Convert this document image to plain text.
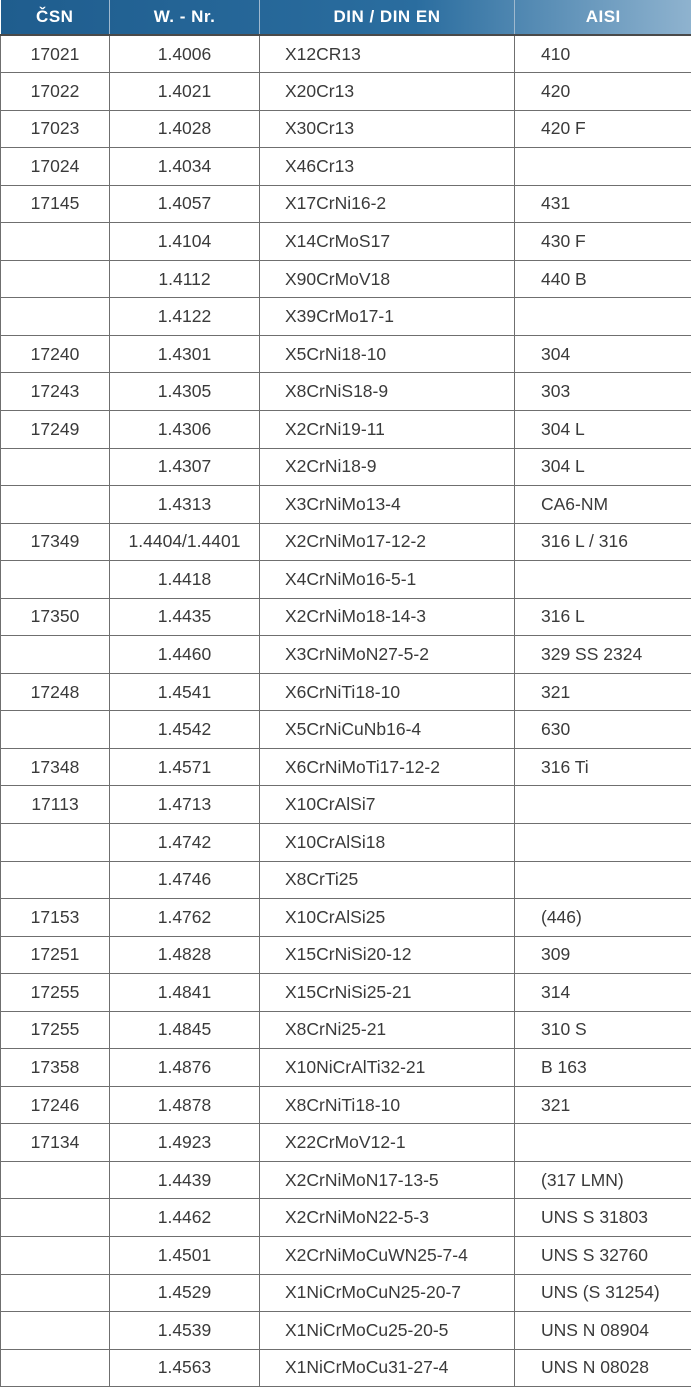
ČSN	W. - Nr.	DIN / DIN EN	AISI
17021	1.4006	X12CR13	410
17022	1.4021	X20Cr13	420
17023	1.4028	X30Cr13	420 F
17024	1.4034	X46Cr13	
17145	1.4057	X17CrNi16-2	431
	1.4104	X14CrMoS17	430 F
	1.4112	X90CrMoV18	440 B
	1.4122	X39CrMo17-1	
17240	1.4301	X5CrNi18-10	304
17243	1.4305	X8CrNiS18-9	303
17249	1.4306	X2CrNi19-11	304 L
	1.4307	X2CrNi18-9	304 L
	1.4313	X3CrNiMo13-4	CA6-NM
17349	1.4404/1.4401	X2CrNiMo17-12-2	316 L / 316
	1.4418	X4CrNiMo16-5-1	
17350	1.4435	X2CrNiMo18-14-3	316 L
	1.4460	X3CrNiMoN27-5-2	329 SS 2324
17248	1.4541	X6CrNiTi18-10	321
	1.4542	X5CrNiCuNb16-4	630
17348	1.4571	X6CrNiMoTi17-12-2	316 Ti
17113	1.4713	X10CrAlSi7	
	1.4742	X10CrAlSi18	
	1.4746	X8CrTi25	
17153	1.4762	X10CrAlSi25	(446)
17251	1.4828	X15CrNiSi20-12	309
17255	1.4841	X15CrNiSi25-21	314
17255	1.4845	X8CrNi25-21	310 S
17358	1.4876	X10NiCrAlTi32-21	B 163
17246	1.4878	X8CrNiTi18-10	321
17134	1.4923	X22CrMoV12-1	
	1.4439	X2CrNiMoN17-13-5	(317 LMN)
	1.4462	X2CrNiMoN22-5-3	UNS S 31803
	1.4501	X2CrNiMoCuWN25-7-4	UNS S 32760
	1.4529	X1NiCrMoCuN25-20-7	UNS (S 31254)
	1.4539	X1NiCrMoCu25-20-5	UNS N 08904
	1.4563	X1NiCrMoCu31-27-4	UNS N 08028
